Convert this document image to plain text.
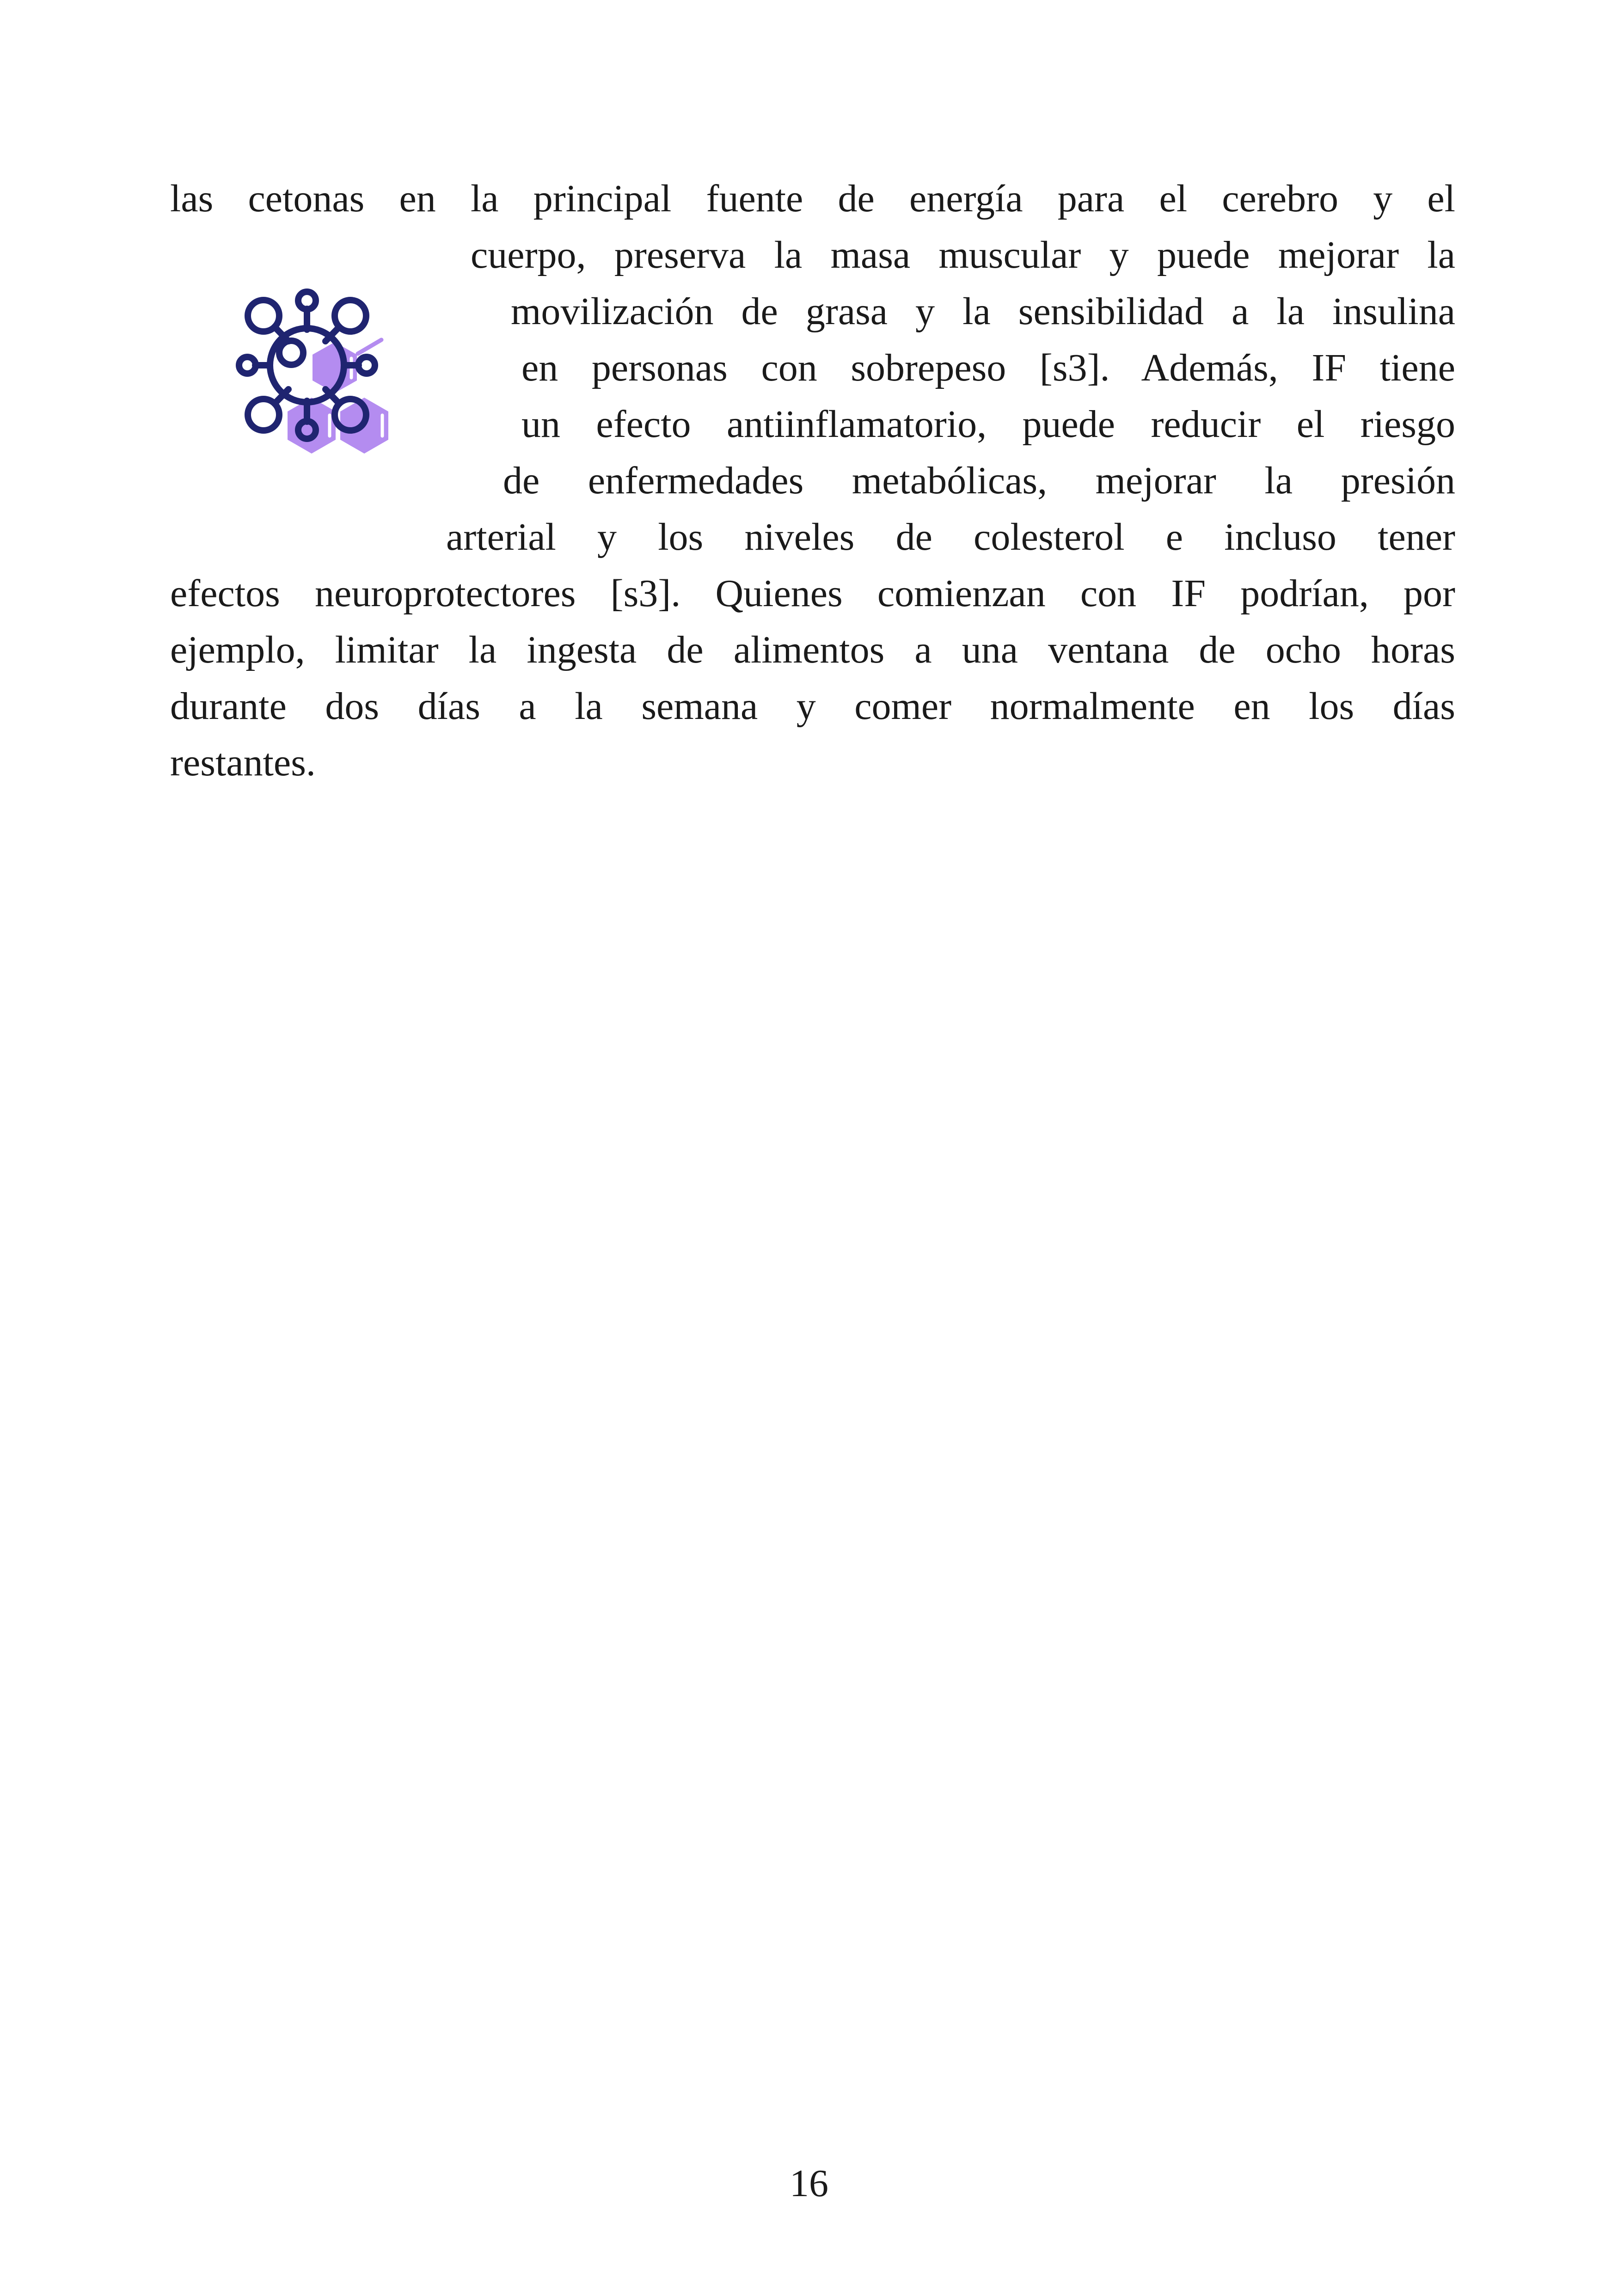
las cetonas en la principal fuente de energía para el cerebro y el
cuerpo, preserva la masa muscular y puede mejorar la
movilización de grasa y la sensibilidad a la insulina
en personas con sobrepeso [s3]. Además, IF tiene
un efecto antiinflamatorio, puede reducir el riesgo
de enfermedades metabólicas, mejorar la presión
arterial y los niveles de colesterol e incluso tener
efectos neuroprotectores [s3]. Quienes comienzan con IF podrían, por
ejemplo, limitar la ingesta de alimentos a una ventana de ocho horas
durante dos días a la semana y comer normalmente en los días
restantes.
16
